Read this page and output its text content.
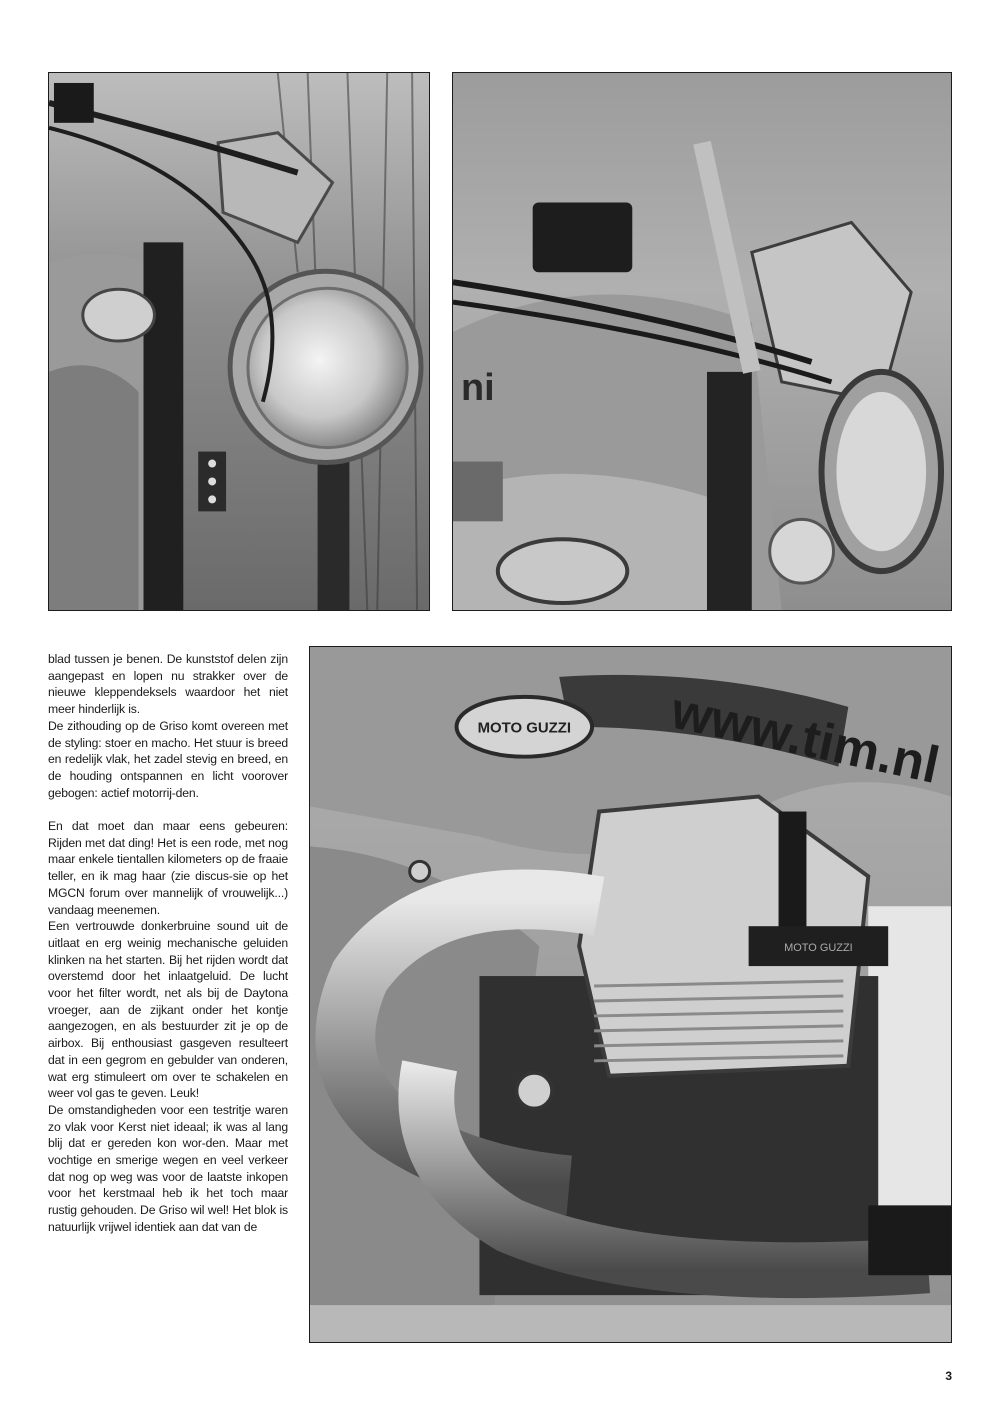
ni

blad tussen je benen. De kunststof delen zijn aangepast en lopen nu strakker over de nieuwe kleppendeksels waardoor het niet meer hinderlijk is.

De zithouding op de Griso komt overeen met de styling: stoer en macho. Het stuur is breed en redelijk vlak, het zadel stevig en breed, en de houding ontspannen en licht voorover gebogen: actief motorrij-den.

En dat moet dan maar eens gebeuren: Rijden met dat ding! Het is een rode, met nog maar enkele tientallen kilometers op de fraaie teller, en ik mag haar (zie discus-sie op het MGCN forum over mannelijk of vrouwelijk...) vandaag meenemen.

Een vertrouwde donkerbruine sound uit de uitlaat en erg weinig mechanische geluiden klinken na het starten. Bij het rijden wordt dat overstemd door het inlaatgeluid. De lucht voor het filter wordt, net als bij de Daytona vroeger, aan de zijkant onder het kontje aangezogen, en als bestuurder zit je op de airbox. Bij enthousiast gasgeven resulteert dat in een gegrom en gebulder van onderen, wat erg stimuleert om over te schakelen en weer vol gas te geven. Leuk!

De omstandigheden voor een testritje waren zo vlak voor Kerst niet ideaal; ik was al lang blij dat er gereden kon wor-den. Maar met vochtige en smerige wegen en veel verkeer dat nog op weg was voor de laatste inkopen voor het kerstmaal heb ik het toch maar rustig gehouden. De Griso wil wel! Het blok is natuurlijk vrijwel identiek aan dat van de

www.tim.nl
MOTO GUZZI
MOTO GUZZI
3
